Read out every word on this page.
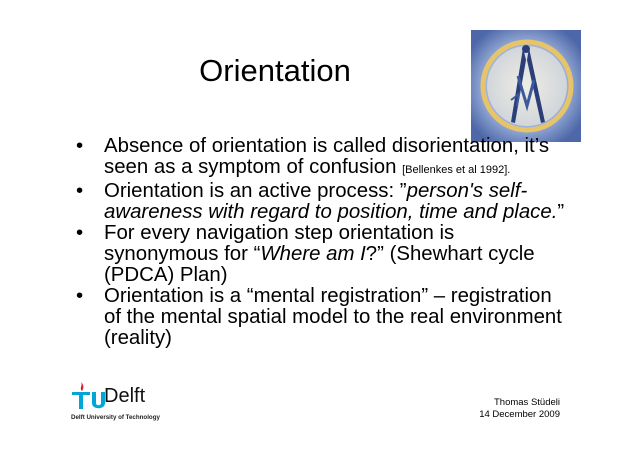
Orientation
• Absence of orientation is called disorientation, it’s seen as a symptom of confusion [Bellenkes et al 1992].
• Orientation is an active process: ”person's self-awareness with regard to position, time and place.”
• For every navigation step orientation is synonymous for “Where am I?” (Shewhart cycle (PDCA) Plan)
• Orientation is a “mental registration” – registration of the mental spatial model to the real environment (reality)
Delft
Delft University of Technology
Thomas Stüdeli
14 December 2009
